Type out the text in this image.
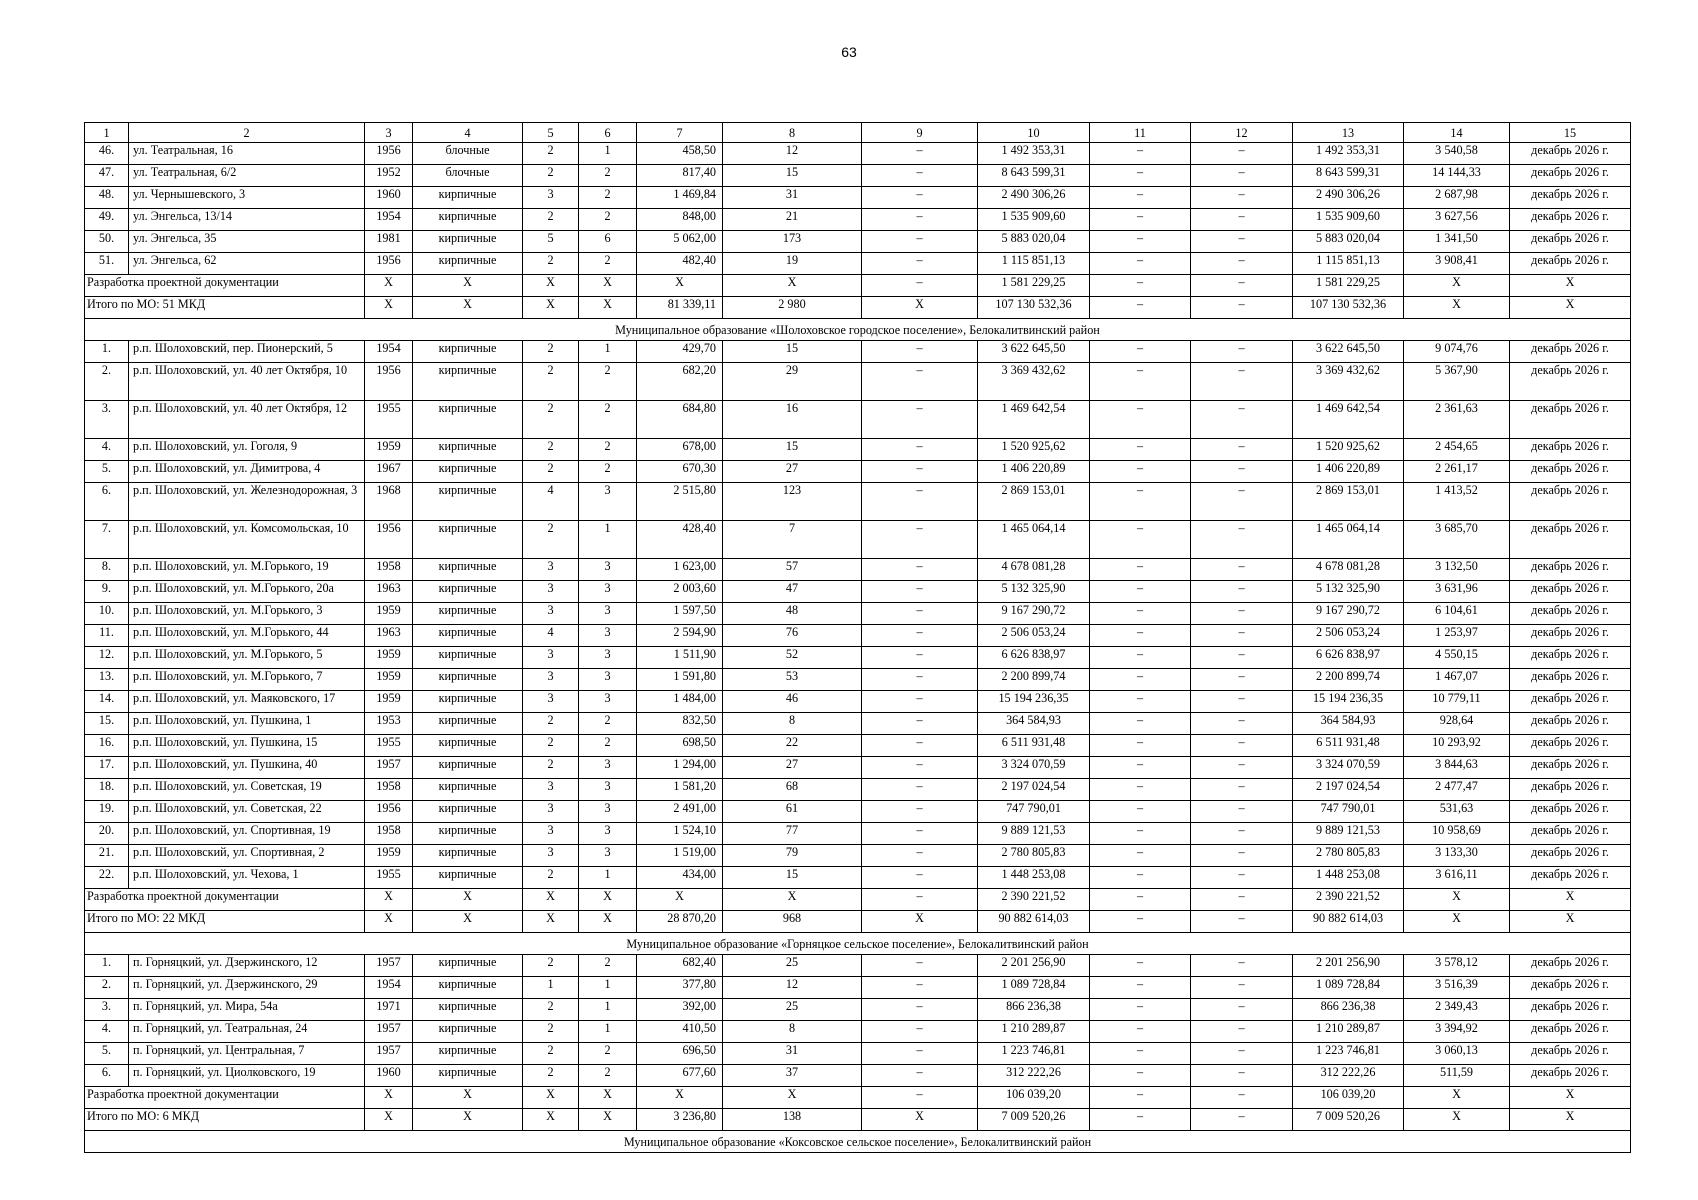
63
1	2	3	4	5	6	7	8	9	10	11	12	13	14	15
46.	ул. Театральная, 16	1956	блочные	2	1	458,50	12	–	1 492 353,31	–	–	1 492 353,31	3 540,58	декабрь 2026 г.
47.	ул. Театральная, 6/2	1952	блочные	2	2	817,40	15	–	8 643 599,31	–	–	8 643 599,31	14 144,33	декабрь 2026 г.
48.	ул. Чернышевского, 3	1960	кирпичные	3	2	1 469,84	31	–	2 490 306,26	–	–	2 490 306,26	2 687,98	декабрь 2026 г.
49.	ул. Энгельса, 13/14	1954	кирпичные	2	2	848,00	21	–	1 535 909,60	–	–	1 535 909,60	3 627,56	декабрь 2026 г.
50.	ул. Энгельса, 35	1981	кирпичные	5	6	5 062,00	173	–	5 883 020,04	–	–	5 883 020,04	1 341,50	декабрь 2026 г.
51.	ул. Энгельса, 62	1956	кирпичные	2	2	482,40	19	–	1 115 851,13	–	–	1 115 851,13	3 908,41	декабрь 2026 г.
Разработка проектной документации		Х	Х	Х	Х	Х	Х	–	1 581 229,25	–	–	1 581 229,25	Х	Х
Итого по МО: 51 МКД		Х	Х	Х	Х	81 339,11	2 980	Х	107 130 532,36	–	–	107 130 532,36	Х	Х
Муниципальное образование «Шолоховское городское поселение», Белокалитвинский район														
1.	р.п. Шолоховский, пер. Пионерский, 5	1954	кирпичные	2	1	429,70	15	–	3 622 645,50	–	–	3 622 645,50	9 074,76	декабрь 2026 г.
2.	р.п. Шолоховский, ул. 40 лет Октября, 10	1956	кирпичные	2	2	682,20	29	–	3 369 432,62	–	–	3 369 432,62	5 367,90	декабрь 2026 г.
3.	р.п. Шолоховский, ул. 40 лет Октября, 12	1955	кирпичные	2	2	684,80	16	–	1 469 642,54	–	–	1 469 642,54	2 361,63	декабрь 2026 г.
4.	р.п. Шолоховский, ул. Гоголя, 9	1959	кирпичные	2	2	678,00	15	–	1 520 925,62	–	–	1 520 925,62	2 454,65	декабрь 2026 г.
5.	р.п. Шолоховский, ул. Димитрова, 4	1967	кирпичные	2	2	670,30	27	–	1 406 220,89	–	–	1 406 220,89	2 261,17	декабрь 2026 г.
6.	р.п. Шолоховский, ул. Железнодорожная, 3	1968	кирпичные	4	3	2 515,80	123	–	2 869 153,01	–	–	2 869 153,01	1 413,52	декабрь 2026 г.
7.	р.п. Шолоховский, ул. Комсомольская, 10	1956	кирпичные	2	1	428,40	7	–	1 465 064,14	–	–	1 465 064,14	3 685,70	декабрь 2026 г.
8.	р.п. Шолоховский, ул. М.Горького, 19	1958	кирпичные	3	3	1 623,00	57	–	4 678 081,28	–	–	4 678 081,28	3 132,50	декабрь 2026 г.
9.	р.п. Шолоховский, ул. М.Горького, 20а	1963	кирпичные	3	3	2 003,60	47	–	5 132 325,90	–	–	5 132 325,90	3 631,96	декабрь 2026 г.
10.	р.п. Шолоховский, ул. М.Горького, 3	1959	кирпичные	3	3	1 597,50	48	–	9 167 290,72	–	–	9 167 290,72	6 104,61	декабрь 2026 г.
11.	р.п. Шолоховский, ул. М.Горького, 44	1963	кирпичные	4	3	2 594,90	76	–	2 506 053,24	–	–	2 506 053,24	1 253,97	декабрь 2026 г.
12.	р.п. Шолоховский, ул. М.Горького, 5	1959	кирпичные	3	3	1 511,90	52	–	6 626 838,97	–	–	6 626 838,97	4 550,15	декабрь 2026 г.
13.	р.п. Шолоховский, ул. М.Горького, 7	1959	кирпичные	3	3	1 591,80	53	–	2 200 899,74	–	–	2 200 899,74	1 467,07	декабрь 2026 г.
14.	р.п. Шолоховский, ул. Маяковского, 17	1959	кирпичные	3	3	1 484,00	46	–	15 194 236,35	–	–	15 194 236,35	10 779,11	декабрь 2026 г.
15.	р.п. Шолоховский, ул. Пушкина, 1	1953	кирпичные	2	2	832,50	8	–	364 584,93	–	–	364 584,93	928,64	декабрь 2026 г.
16.	р.п. Шолоховский, ул. Пушкина, 15	1955	кирпичные	2	2	698,50	22	–	6 511 931,48	–	–	6 511 931,48	10 293,92	декабрь 2026 г.
17.	р.п. Шолоховский, ул. Пушкина, 40	1957	кирпичные	2	3	1 294,00	27	–	3 324 070,59	–	–	3 324 070,59	3 844,63	декабрь 2026 г.
18.	р.п. Шолоховский, ул. Советская, 19	1958	кирпичные	3	3	1 581,20	68	–	2 197 024,54	–	–	2 197 024,54	2 477,47	декабрь 2026 г.
19.	р.п. Шолоховский, ул. Советская, 22	1956	кирпичные	3	3	2 491,00	61	–	747 790,01	–	–	747 790,01	531,63	декабрь 2026 г.
20.	р.п. Шолоховский, ул. Спортивная, 19	1958	кирпичные	3	3	1 524,10	77	–	9 889 121,53	–	–	9 889 121,53	10 958,69	декабрь 2026 г.
21.	р.п. Шолоховский, ул. Спортивная, 2	1959	кирпичные	3	3	1 519,00	79	–	2 780 805,83	–	–	2 780 805,83	3 133,30	декабрь 2026 г.
22.	р.п. Шолоховский, ул. Чехова, 1	1955	кирпичные	2	1	434,00	15	–	1 448 253,08	–	–	1 448 253,08	3 616,11	декабрь 2026 г.
Разработка проектной документации		Х	Х	Х	Х	Х	Х	–	2 390 221,52	–	–	2 390 221,52	Х	Х
Итого по МО: 22 МКД		Х	Х	Х	Х	28 870,20	968	Х	90 882 614,03	–	–	90 882 614,03	Х	Х
Муниципальное образование «Горняцкое сельское поселение», Белокалитвинский район														
1.	п. Горняцкий, ул. Дзержинского, 12	1957	кирпичные	2	2	682,40	25	–	2 201 256,90	–	–	2 201 256,90	3 578,12	декабрь 2026 г.
2.	п. Горняцкий, ул. Дзержинского, 29	1954	кирпичные	1	1	377,80	12	–	1 089 728,84	–	–	1 089 728,84	3 516,39	декабрь 2026 г.
3.	п. Горняцкий, ул. Мира, 54а	1971	кирпичные	2	1	392,00	25	–	866 236,38	–	–	866 236,38	2 349,43	декабрь 2026 г.
4.	п. Горняцкий, ул. Театральная, 24	1957	кирпичные	2	1	410,50	8	–	1 210 289,87	–	–	1 210 289,87	3 394,92	декабрь 2026 г.
5.	п. Горняцкий, ул. Центральная, 7	1957	кирпичные	2	2	696,50	31	–	1 223 746,81	–	–	1 223 746,81	3 060,13	декабрь 2026 г.
6.	п. Горняцкий, ул. Циолковского, 19	1960	кирпичные	2	2	677,60	37	–	312 222,26	–	–	312 222,26	511,59	декабрь 2026 г.
Разработка проектной документации		Х	Х	Х	Х	Х	Х	–	106 039,20	–	–	106 039,20	Х	Х
Итого по МО: 6 МКД		Х	Х	Х	Х	3 236,80	138	Х	7 009 520,26	–	–	7 009 520,26	Х	Х
Муниципальное образование «Коксовское сельское поселение», Белокалитвинский район														
